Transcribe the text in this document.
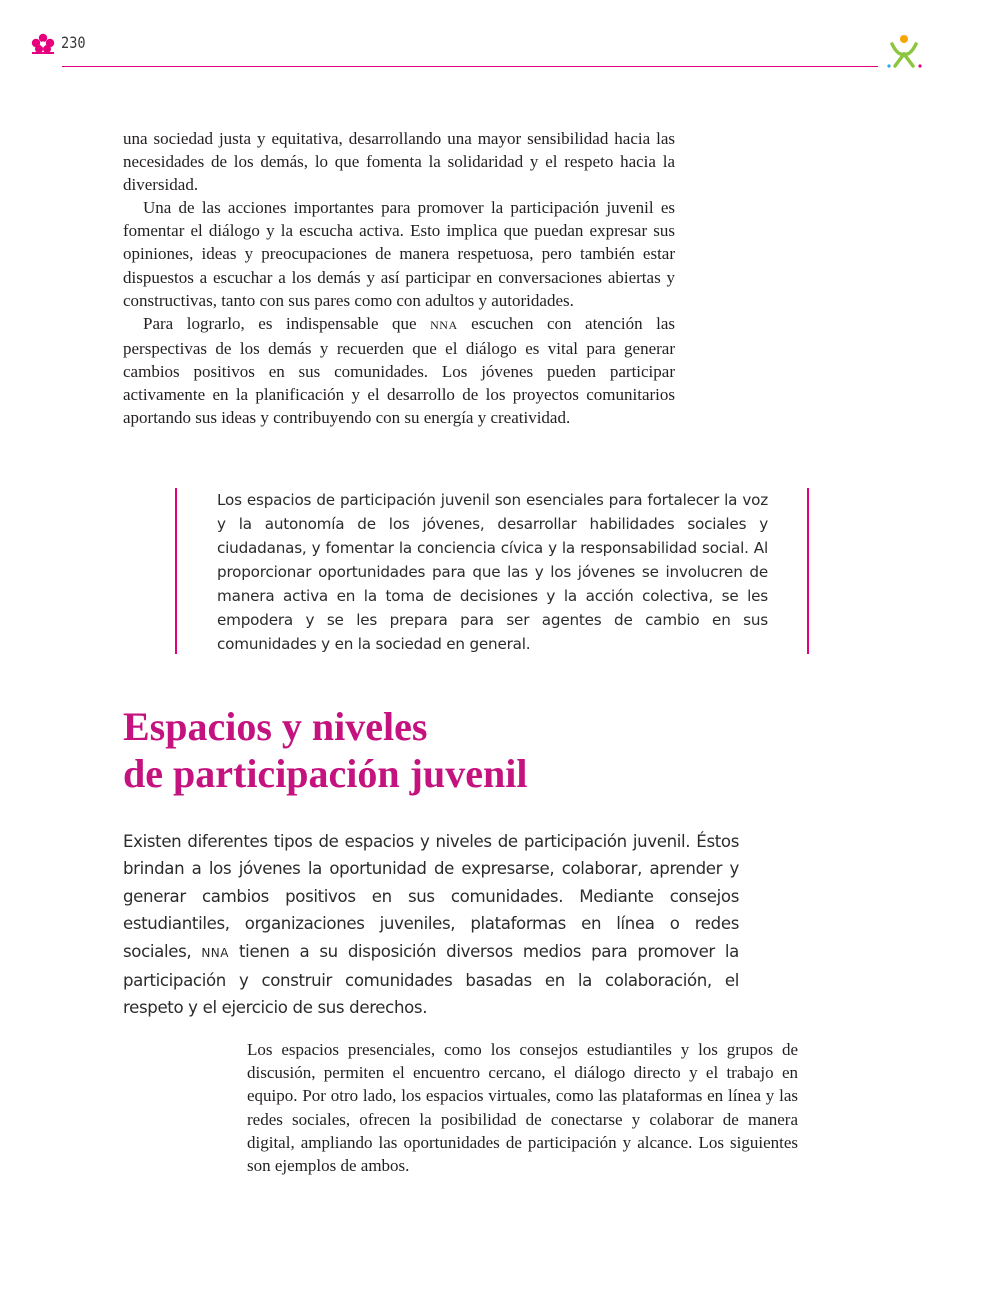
230

una sociedad justa y equitativa, desarrollando una mayor sensibilidad hacia las necesidades de los demás, lo que fomenta la solidaridad y el respeto hacia la diversidad.

Una de las acciones importantes para promover la participación juvenil es fomentar el diálogo y la escucha activa. Esto implica que puedan expresar sus opiniones, ideas y preocupaciones de manera respetuosa, pero también estar dispuestos a escuchar a los demás y así participar en conversaciones abiertas y constructivas, tanto con sus pares como con adultos y autoridades.

Para lograrlo, es indispensable que NNA escuchen con atención las perspectivas de los demás y recuerden que el diálogo es vital para generar cambios positivos en sus comunidades. Los jóvenes pueden participar activamente en la planificación y el desarrollo de los proyectos comunitarios aportando sus ideas y contribuyendo con su energía y creatividad.

Los espacios de participación juvenil son esenciales para fortalecer la voz y la autonomía de los jóvenes, desarrollar habilidades sociales y ciudadanas, y fomentar la conciencia cívica y la responsabilidad social. Al proporcionar oportunidades para que las y los jóvenes se involucren de manera activa en la toma de decisiones y la acción colectiva, se les empodera y se les prepara para ser agentes de cambio en sus comunidades y en la sociedad en general.

Espacios y niveles
de participación juvenil

Existen diferentes tipos de espacios y niveles de participación juvenil. Éstos brindan a los jóvenes la oportunidad de expresarse, colaborar, aprender y generar cambios positivos en sus comunidades. Mediante consejos estudiantiles, organizaciones juveniles, plataformas en línea o redes sociales, NNA tienen a su disposición diversos medios para promover la participación y construir comunidades basadas en la colaboración, el respeto y el ejercicio de sus derechos.

Los espacios presenciales, como los consejos estudiantiles y los grupos de discusión, permiten el encuentro cercano, el diálogo directo y el trabajo en equipo. Por otro lado, los espacios virtuales, como las plataformas en línea y las redes sociales, ofrecen la posibilidad de conectarse y colaborar de manera digital, ampliando las oportunidades de participación y alcance. Los siguientes son ejemplos de ambos.
